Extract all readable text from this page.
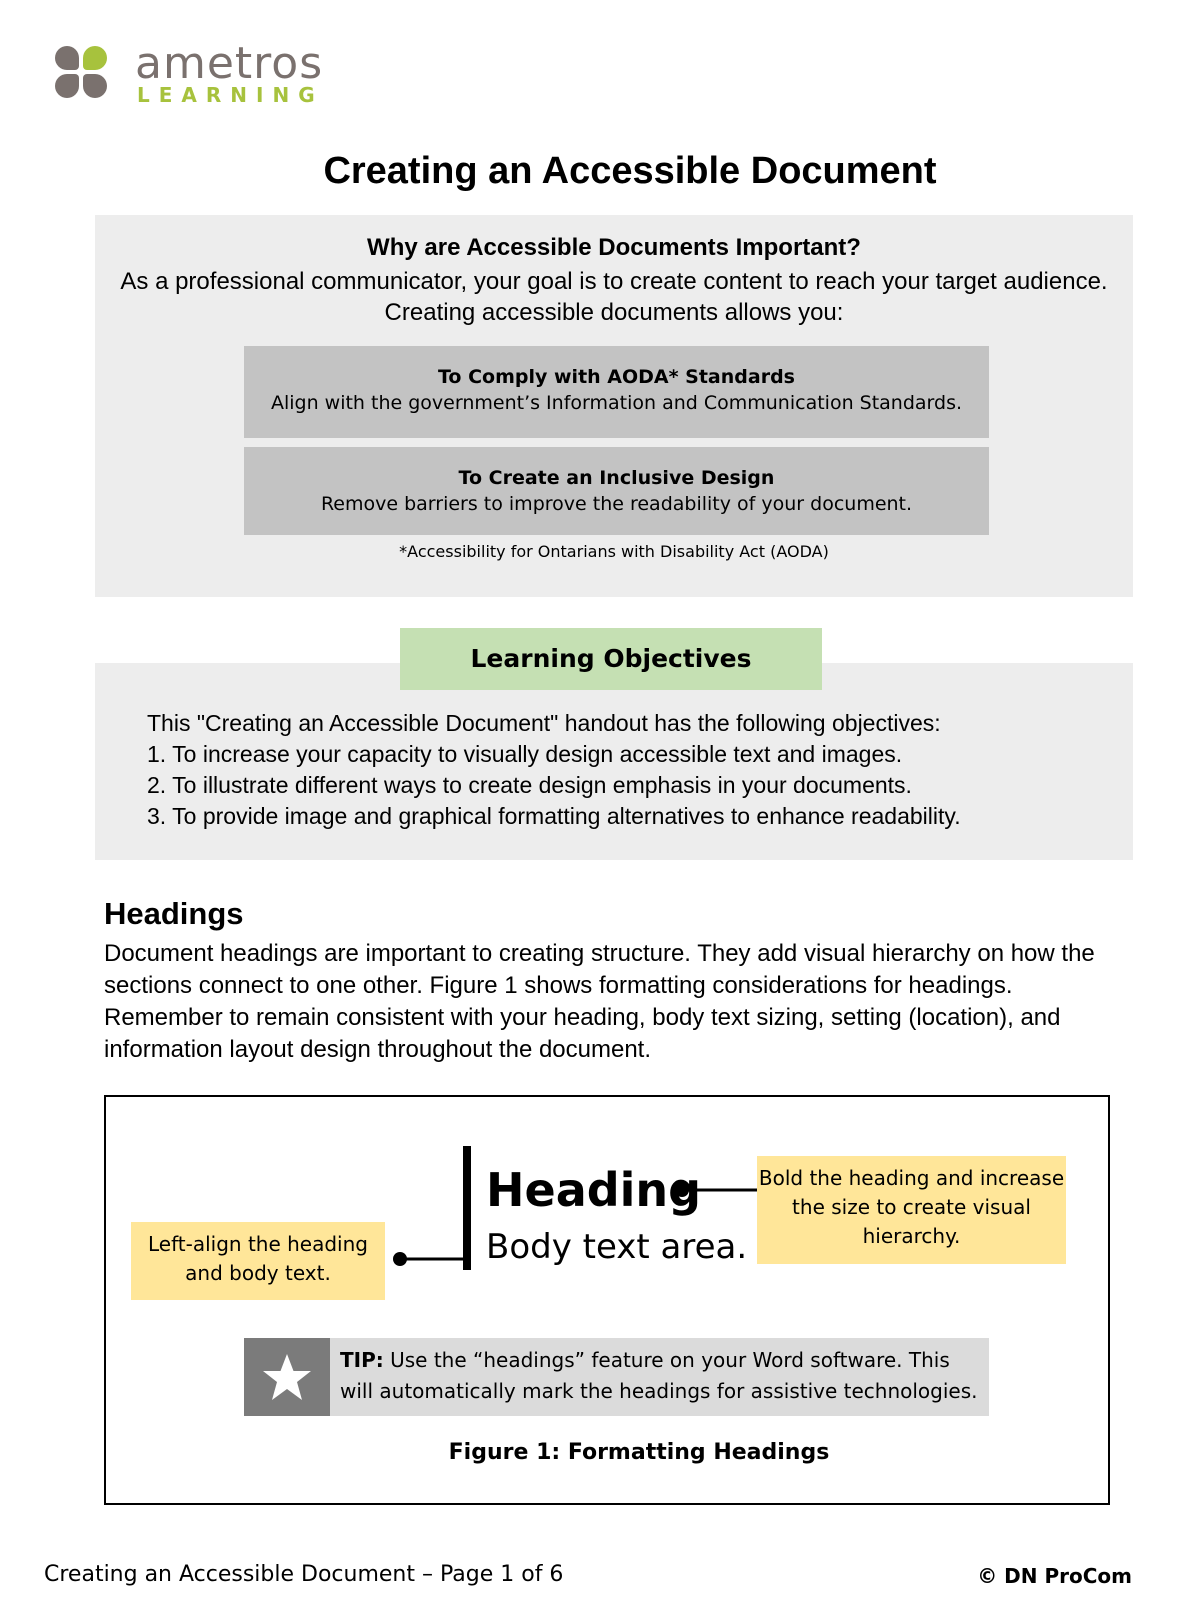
ametros
LEARNING
Creating an Accessible Document
Why are Accessible Documents Important?
As a professional communicator, your goal is to create content to reach your target audience. Creating accessible documents allows you:
To Comply with AODA* Standards
Align with the government’s Information and Communication Standards.
To Create an Inclusive Design
Remove barriers to improve the readability of your document.
*Accessibility for Ontarians with Disability Act (AODA)
Learning Objectives

This "Creating an Accessible Document" handout has the following objectives:

1. To increase your capacity to visually design accessible text and images.

2. To illustrate different ways to create design emphasis in your documents.

3. To provide image and graphical formatting alternatives to enhance readability.

Headings
Document headings are important to creating structure. They add visual hierarchy on how the sections connect to one other. Figure 1 shows formatting considerations for headings. Remember to remain consistent with your heading, body text sizing, setting (location), and information layout design throughout the document.
Left-align the heading and body text.
Bold the heading and increase the size to create visual hierarchy.
Heading
Body text area.
TIP: Use the “headings” feature on your Word software. This will automatically mark the headings for assistive technologies.
Figure 1: Formatting Headings
Creating an Accessible Document – Page 1 of 6	© DN ProCom
